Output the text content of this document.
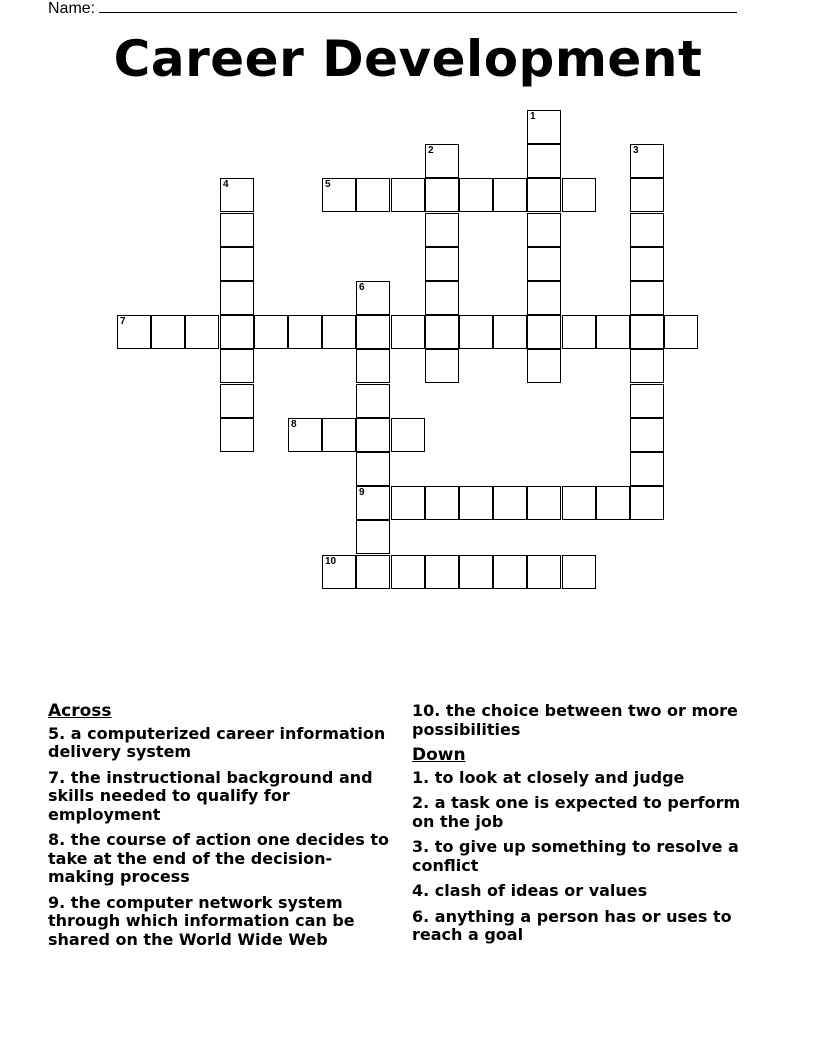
Name:
Career Development
1
2	3
4	5
6
9
7
8
10
Across
5. a computerized career information delivery system
7. the instructional background and skills needed to qualify for employment
8. the course of action one decides to take at the end of the decision-making process
9. the computer network system through which information can be shared on the World Wide Web
10. the choice between two or more possibilities
Down
1. to look at closely and judge
2. a task one is expected to perform on the job
3. to give up something to resolve a conflict
4. clash of ideas or values
6. anything a person has or uses to reach a goal
